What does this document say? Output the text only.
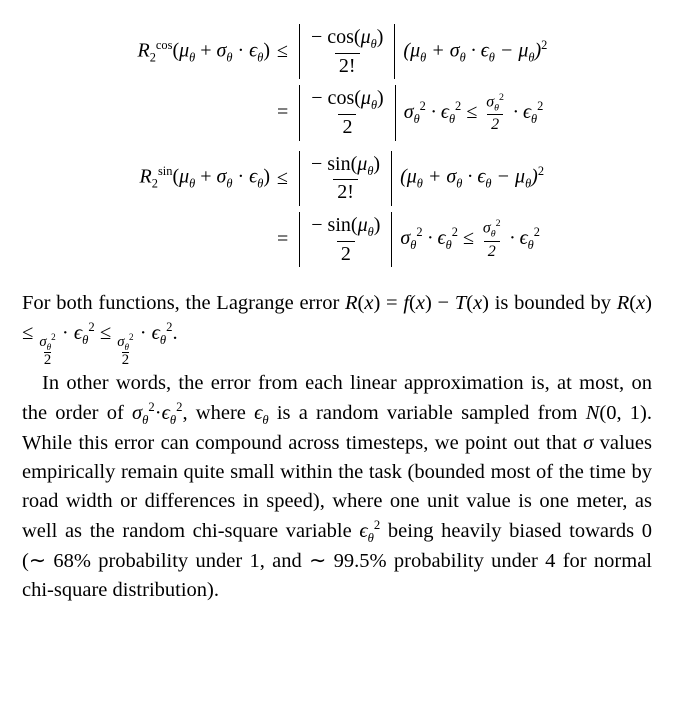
$R_2^{cos}(\mu_\theta + \sigma_\theta \cdot \epsilon_\theta) \le \frac{- \cos(\mu_\theta)}{2!} (\mu_\theta + \sigma_\theta \cdot \epsilon_\theta - \mu_\theta)^2$
= $\frac{- \cos(\mu_\theta)}{2} \sigma_\theta^2 \cdot \epsilon_\theta^2 \le \frac{\sigma_\theta^2}{2} \cdot \epsilon_\theta^2$
$R_2^{sin}(\mu_\theta + \sigma_\theta \cdot \epsilon_\theta) \le \frac{- \sin(\mu_\theta)}{2!} (\mu_\theta + \sigma_\theta \cdot \epsilon_\theta - \mu_\theta)^2$
= $\frac{- \sin(\mu_\theta)}{2} \sigma_\theta^2 \cdot \epsilon_\theta^2 \le \frac{\sigma_\theta^2}{2} \cdot \epsilon_\theta^2$

For both functions, the Lagrange error R(x) = f(x) − T(x) is bounded by $R(x) \le \frac{\sigma_\theta^2}{2} \cdot \epsilon_\theta^2 \le \frac{\sigma_\theta^2}{2} \cdot \epsilon_\theta^2$.

In other words, the error from each linear approximation is, at most, on the order of $\sigma_\theta^2\cdot\epsilon_\theta^2$, where $\epsilon_\theta$ is a random variable sampled from N(0, 1). While this error can compound across timesteps, we point out that σ values empirically remain quite small within the task (bounded most of the time by road width or differences in speed), where one unit value is one meter, as well as the random chi-square variable $\epsilon_\theta^2$ being heavily biased towards 0 (∼ 68% probability under 1, and ∼ 99.5% probability under 4 for normal chi-square distribution).
